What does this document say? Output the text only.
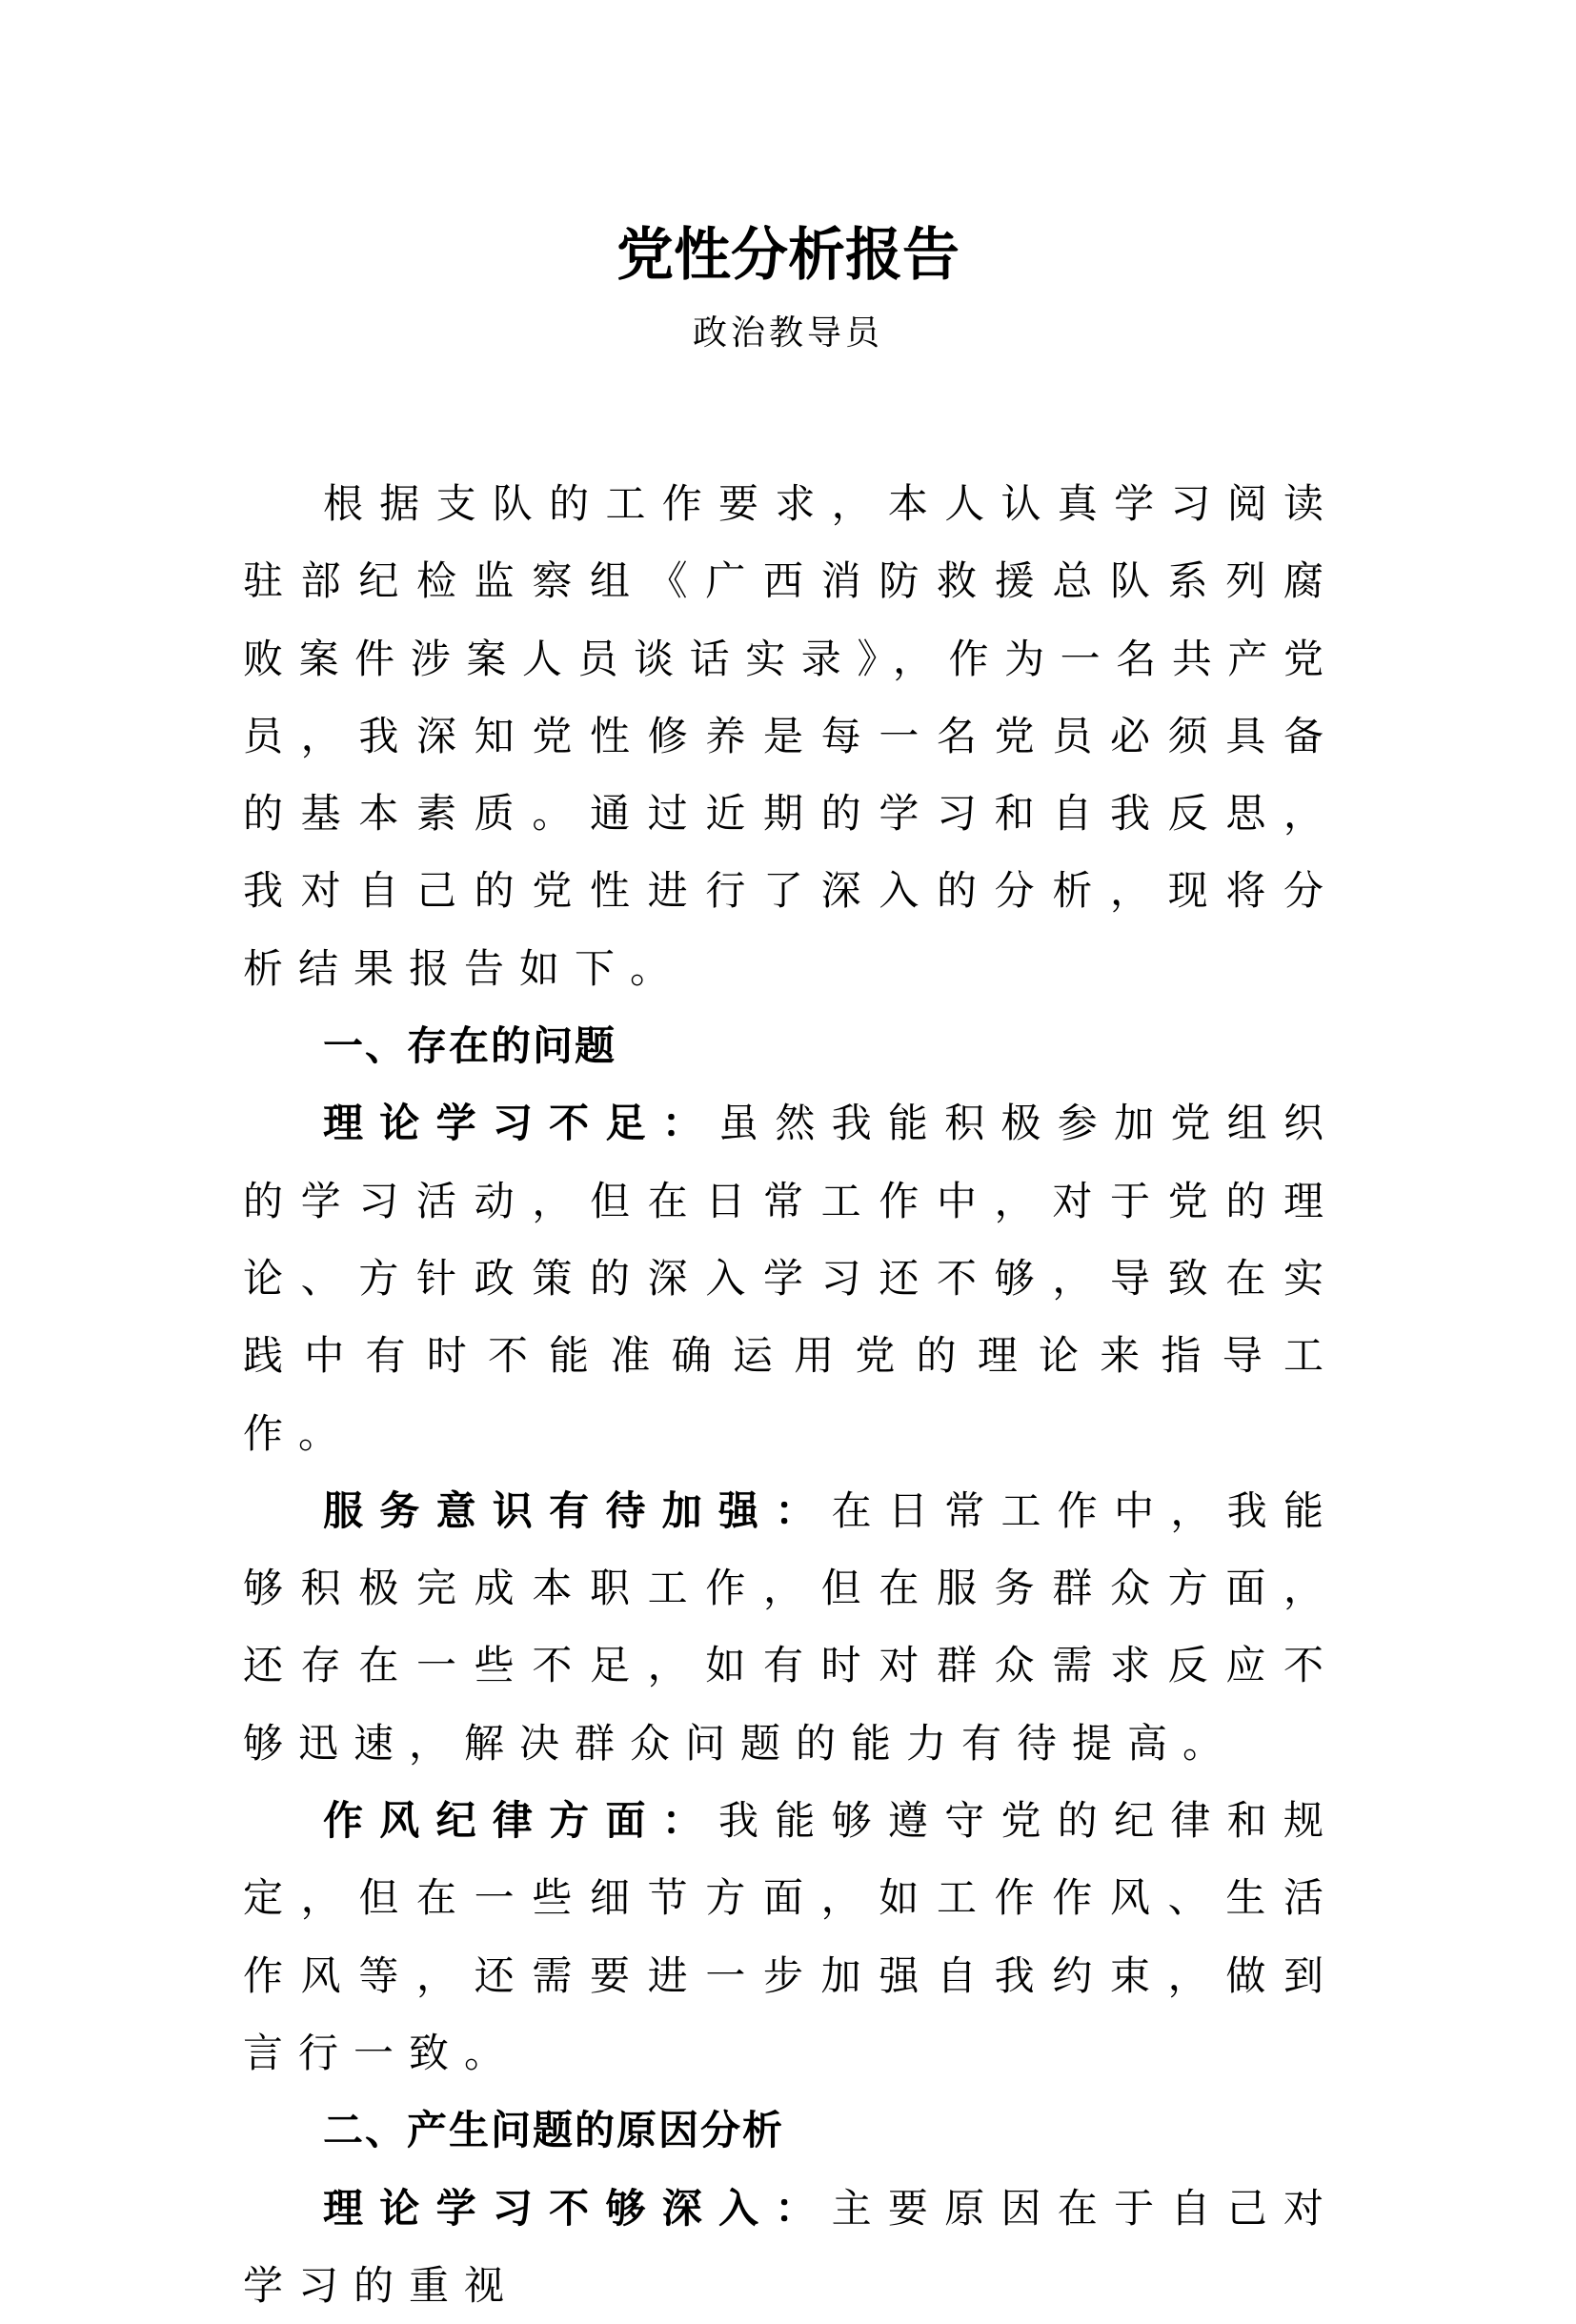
党性分析报告
政治教导员

根据支队的工作要求，本人认真学习阅读驻部纪检监察组《广西消防救援总队系列腐败案件涉案人员谈话实录》，作为一名共产党员，我深知党性修养是每一名党员必须具备的基本素质。通过近期的学习和自我反思，我对自己的党性进行了深入的分析，现将分析结果报告如下。

一、存在的问题

理论学习不足：虽然我能积极参加党组织的学习活动，但在日常工作中，对于党的理论、方针政策的深入学习还不够，导致在实践中有时不能准确运用党的理论来指导工作。

服务意识有待加强：在日常工作中，我能够积极完成本职工作，但在服务群众方面，还存在一些不足，如有时对群众需求反应不够迅速，解决群众问题的能力有待提高。

作风纪律方面：我能够遵守党的纪律和规定，但在一些细节方面，如工作作风、生活作风等，还需要进一步加强自我约束，做到言行一致。

二、产生问题的原因分析

理论学习不够深入：主要原因在于自己对学习的重视
